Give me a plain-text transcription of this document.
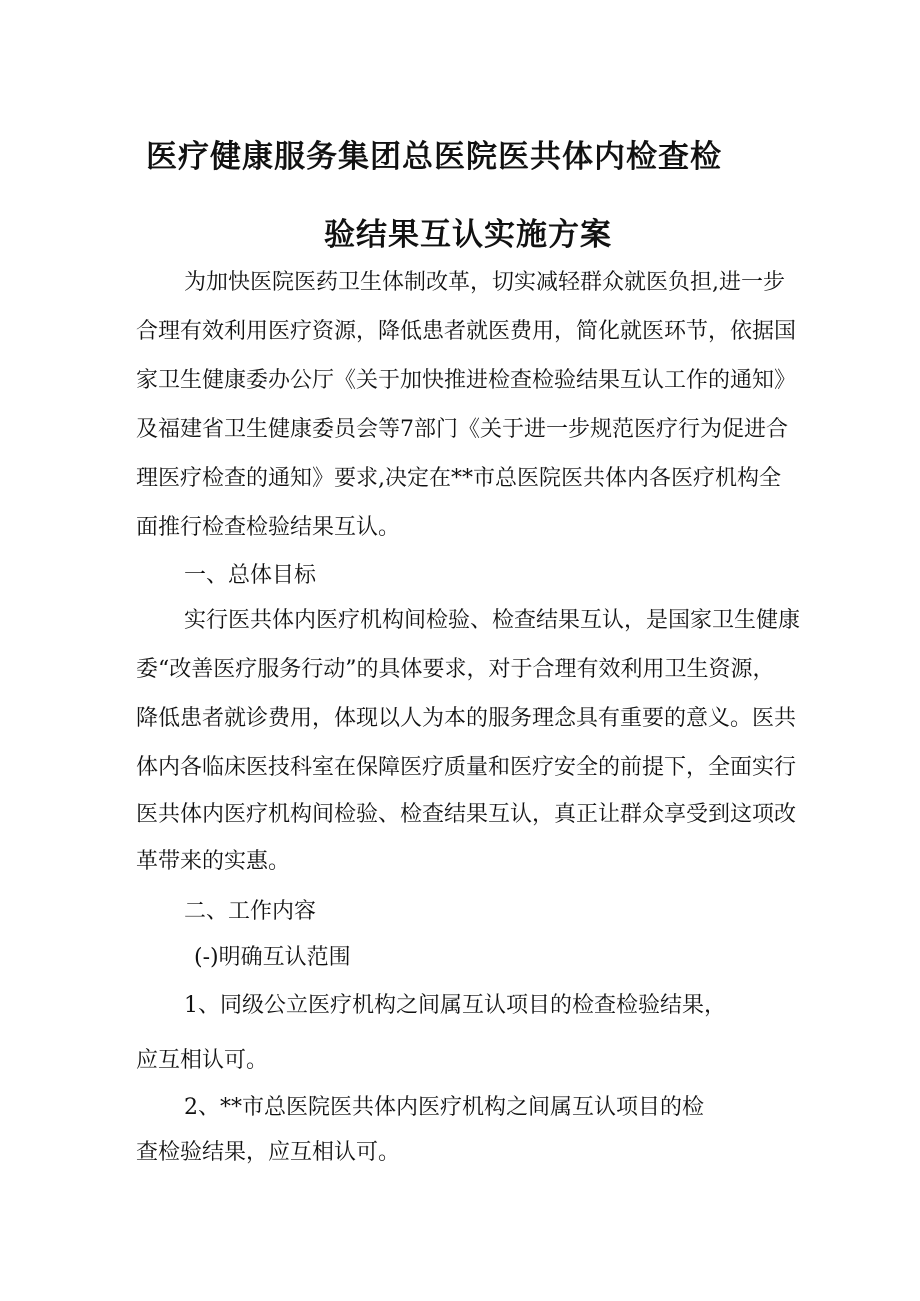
医疗健康服务集团总医院医共体内检查检
验结果互认实施方案

为加快医院医药卫生体制改革，切实减轻群众就医负担,进一步

合理有效利用医疗资源，降低患者就医费用，简化就医环节，依据国

家卫生健康委办公厅《关于加快推进检查检验结果互认工作的通知》

及福建省卫生健康委员会等7部门《关于进一步规范医疗行为促进合

理医疗检查的通知》要求,决定在**市总医院医共体内各医疗机构全

面推行检查检验结果互认。

一、总体目标

实行医共体内医疗机构间检验、检查结果互认，是国家卫生健康

委“改善医疗服务行动”的具体要求，对于合理有效利用卫生资源，

降低患者就诊费用，体现以人为本的服务理念具有重要的意义。医共

体内各临床医技科室在保障医疗质量和医疗安全的前提下，全面实行

医共体内医疗机构间检验、检查结果互认，真正让群众享受到这项改

革带来的实惠。

二、工作内容

(-)明确互认范围

1、同级公立医疗机构之间属互认项目的检查检验结果，

应互相认可。

2、**市总医院医共体内医疗机构之间属互认项目的检

查检验结果，应互相认可。
